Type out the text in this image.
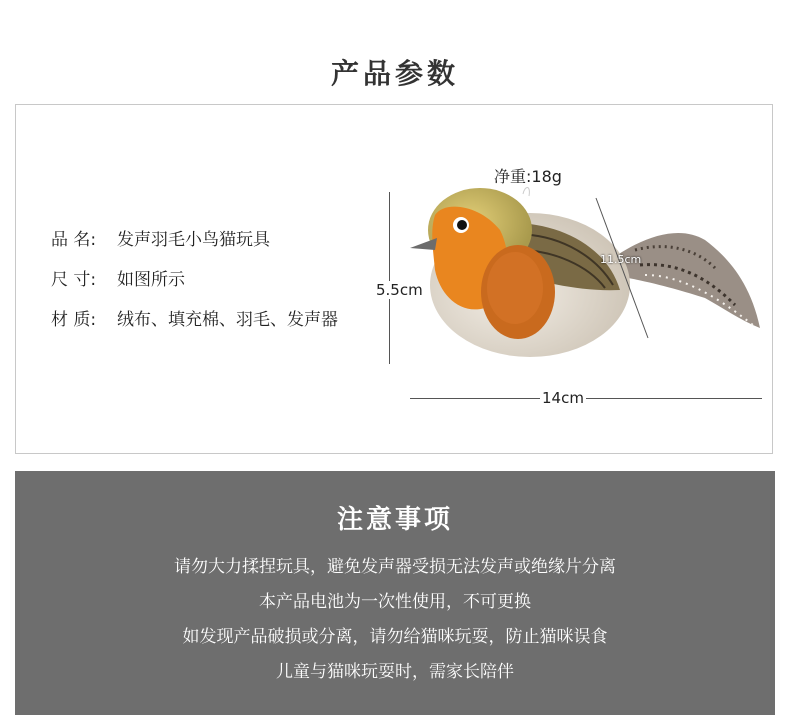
产品参数
品 名: 发声羽毛小鸟猫玩具
尺 寸: 如图所示
材 质: 绒布、填充棉、羽毛、发声器
净重:18g
5.5cm
14cm
11.5cm
注意事项
请勿大力揉捏玩具，避免发声器受损无法发声或绝缘片分离
本产品电池为一次性使用，不可更换
如发现产品破损或分离，请勿给猫咪玩耍，防止猫咪误食
儿童与猫咪玩耍时，需家长陪伴
